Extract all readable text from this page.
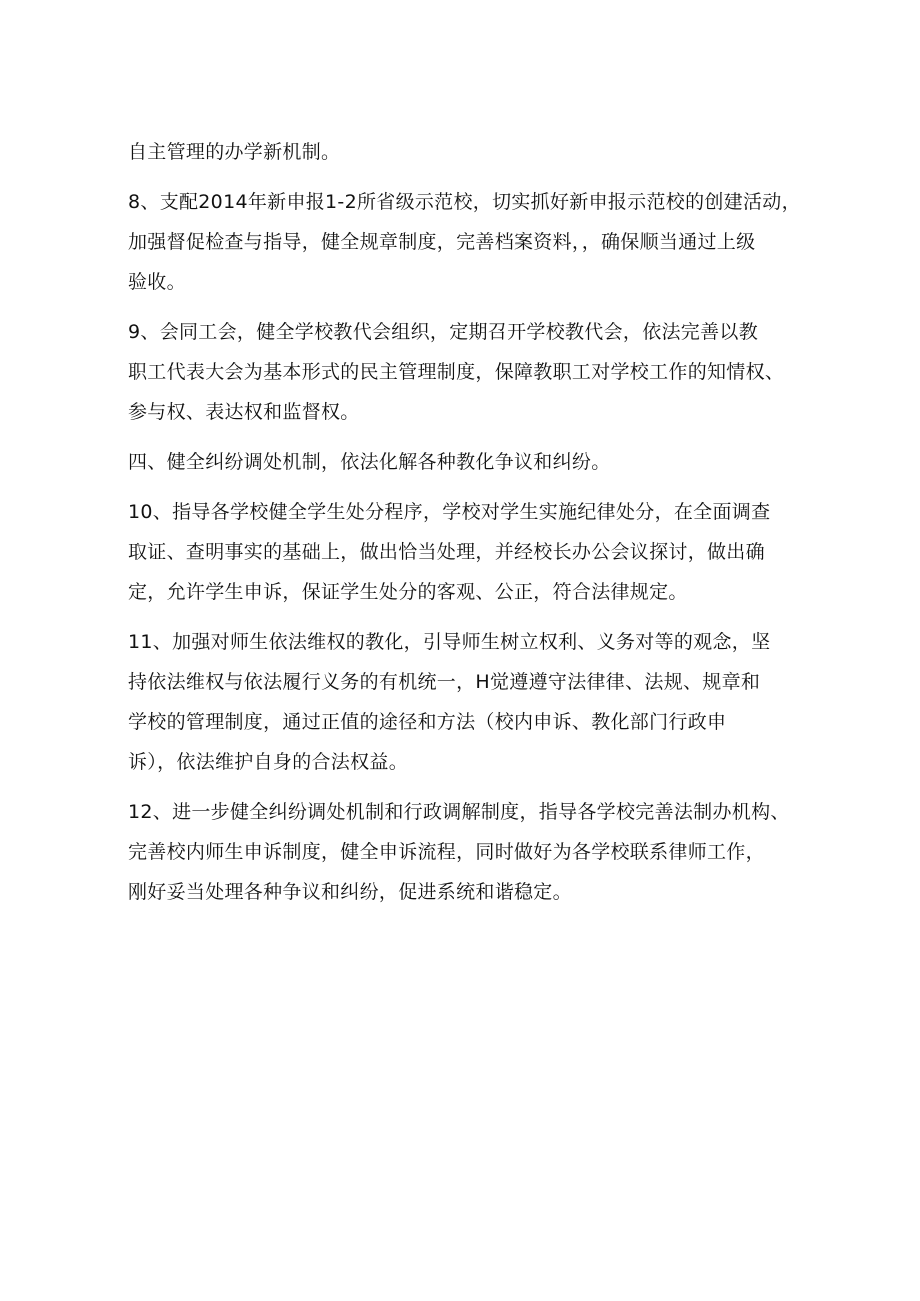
自主管理的办学新机制。
8、支配2014年新申报1-2所省级示范校，切实抓好新申报示范校的创建活动，
加强督促检查与指导，健全规章制度，完善档案资料，，确保顺当通过上级
验收。
9、会同工会，健全学校教代会组织，定期召开学校教代会，依法完善以教
职工代表大会为基本形式的民主管理制度，保障教职工对学校工作的知情权、
参与权、表达权和监督权。
四、健全纠纷调处机制，依法化解各种教化争议和纠纷。
10、指导各学校健全学生处分程序，学校对学生实施纪律处分，在全面调查
取证、查明事实的基础上，做出恰当处理，并经校长办公会议探讨，做出确
定，允许学生申诉，保证学生处分的客观、公正，符合法律规定。
11、加强对师生依法维权的教化，引导师生树立权利、义务对等的观念，坚
持依法维权与依法履行义务的有机统一，H觉遵遵守法律律、法规、规章和
学校的管理制度，通过正值的途径和方法（校内申诉、教化部门行政申
诉），依法维护自身的合法权益。
12、进一步健全纠纷调处机制和行政调解制度，指导各学校完善法制办机构、
完善校内师生申诉制度，健全申诉流程，同时做好为各学校联系律师工作，
刚好妥当处理各种争议和纠纷，促进系统和谐稳定。
